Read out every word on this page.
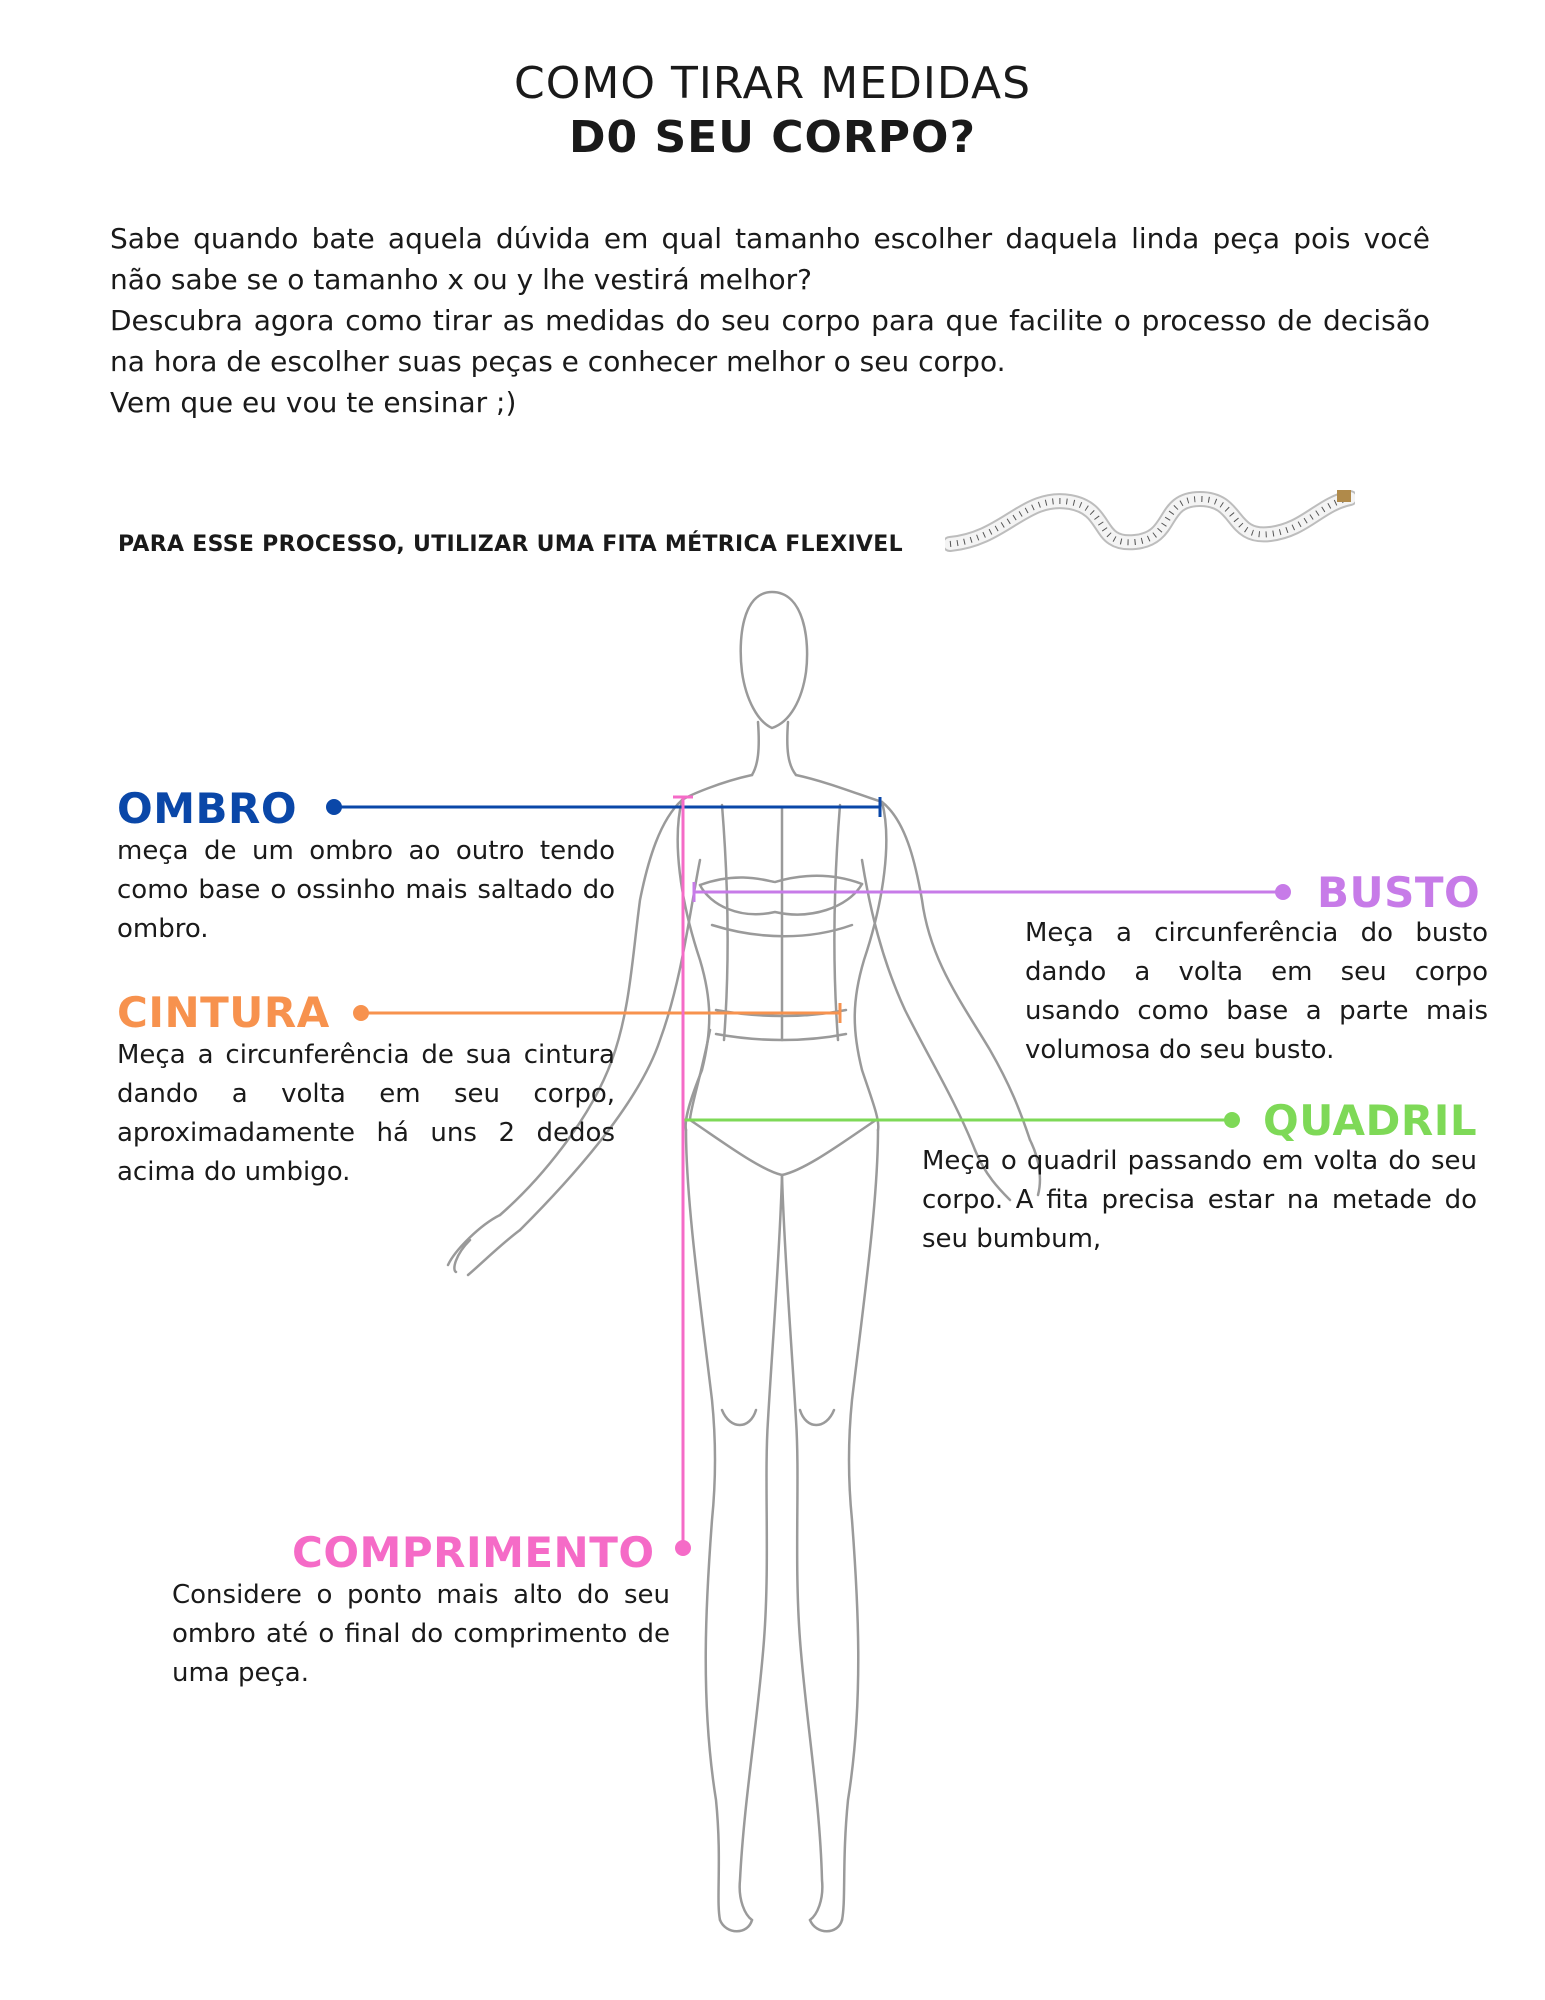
COMO TIRAR MEDIDAS
D0 SEU CORPO?

Sabe quando bate aquela dúvida em qual tamanho escolher daquela linda peça pois você não sabe se o tamanho x ou y lhe vestirá melhor?

Descubra agora como tirar as medidas do seu corpo para que facilite o processo de decisão na hora de escolher suas peças e conhecer melhor o seu corpo.

Vem que eu vou te ensinar ;)

PARA ESSE PROCESSO, UTILIZAR UMA FITA MÉTRICA FLEXIVEL
OMBRO
meça de um ombro ao outro tendo como base o ossinho mais saltado do ombro.
CINTURA
Meça a circunferência de sua cintura dando a volta em seu corpo, aproximadamente há uns 2 dedos acima do umbigo.
BUSTO
Meça a circunferência do busto dando a volta em seu corpo usando como base a parte mais volumosa do seu busto.
QUADRIL
Meça o quadril passando em volta do seu corpo. A fita precisa estar na metade do seu bumbum,
COMPRIMENTO
Considere o ponto mais alto do seu ombro até o final do comprimento de uma peça.
